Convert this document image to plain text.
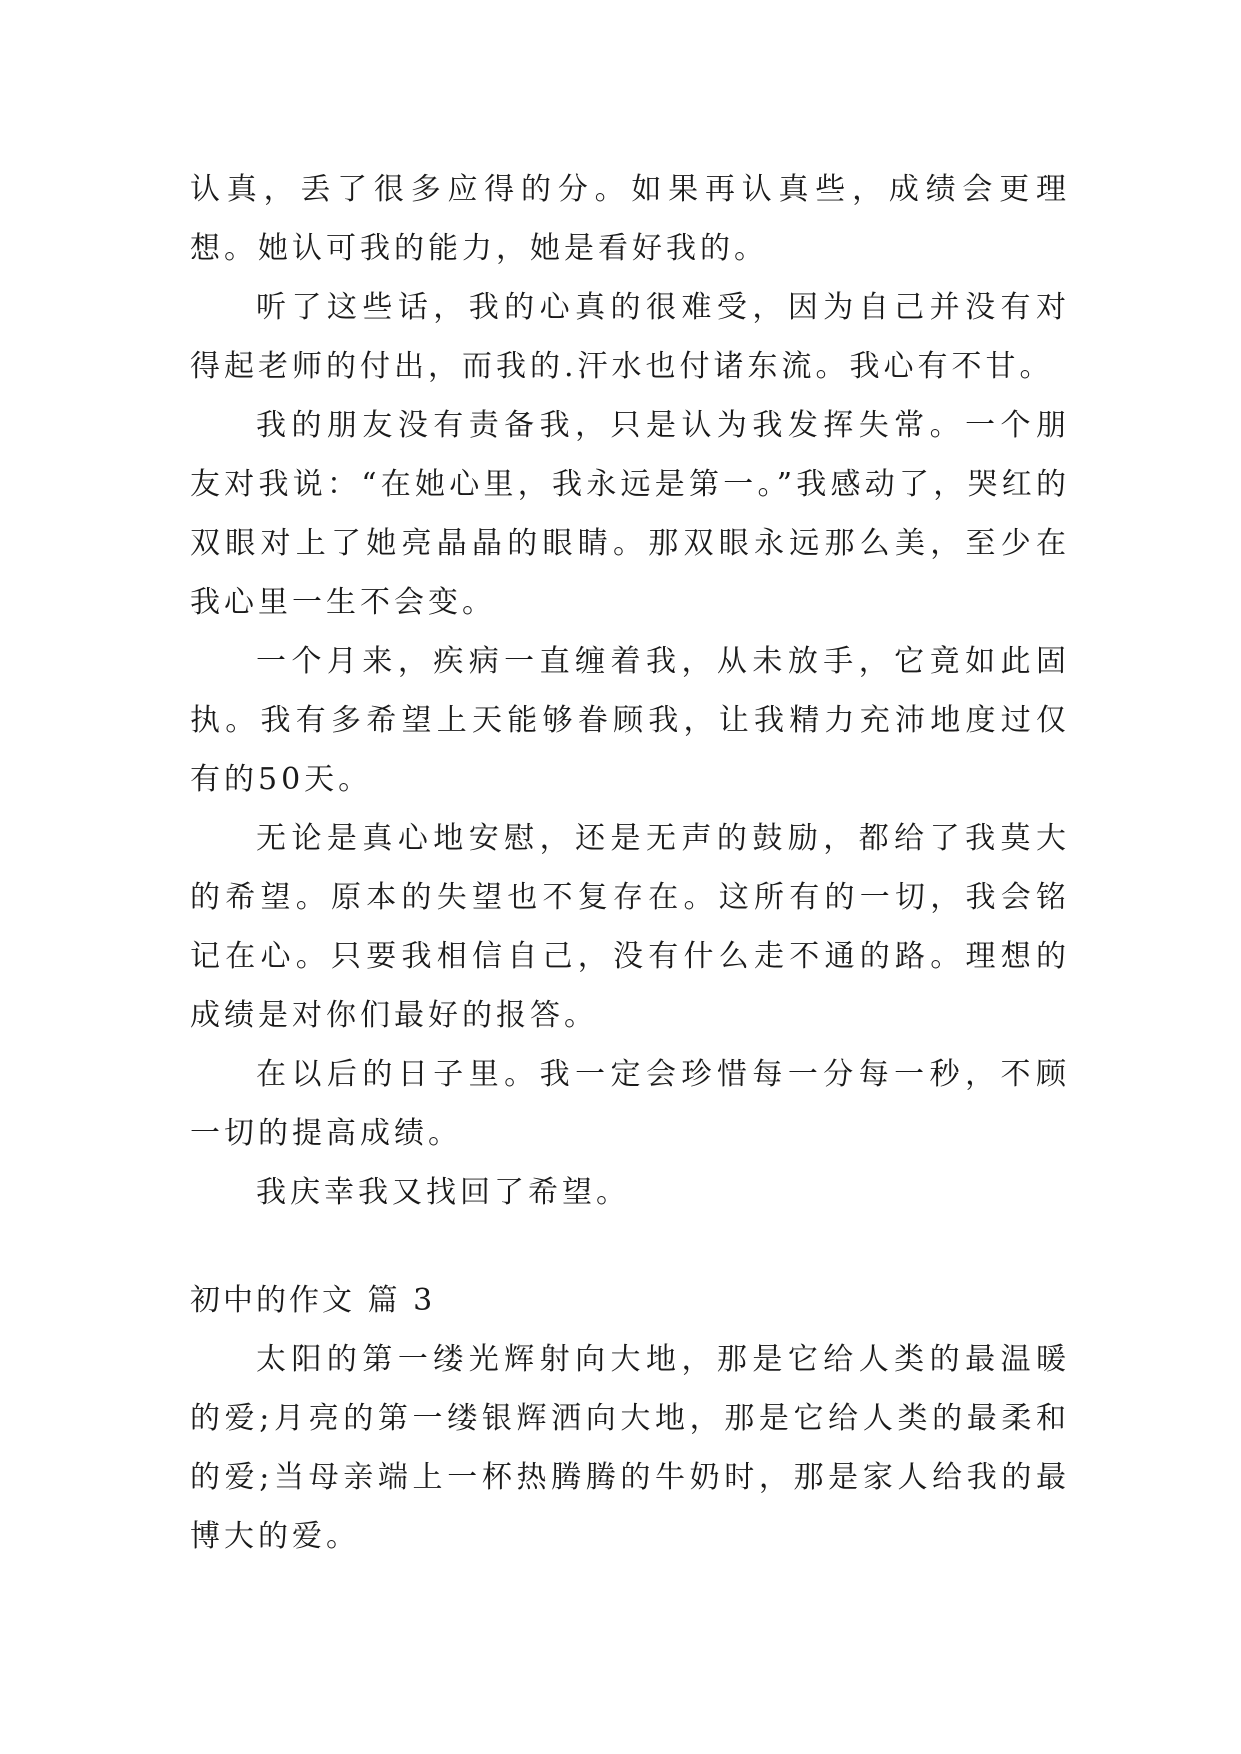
认真，丢了很多应得的分。如果再认真些，成绩会更理想。她认可我的能力，她是看好我的。

听了这些话，我的心真的很难受，因为自己并没有对得起老师的付出，而我的.汗水也付诸东流。我心有不甘。

我的朋友没有责备我，只是认为我发挥失常。一个朋友对我说：“在她心里，我永远是第一。”我感动了，哭红的双眼对上了她亮晶晶的眼睛。那双眼永远那么美，至少在我心里一生不会变。

一个月来，疾病一直缠着我，从未放手，它竟如此固执。我有多希望上天能够眷顾我，让我精力充沛地度过仅有的50天。

无论是真心地安慰，还是无声的鼓励，都给了我莫大的希望。原本的失望也不复存在。这所有的一切，我会铭记在心。只要我相信自己，没有什么走不通的路。理想的成绩是对你们最好的报答。

在以后的日子里。我一定会珍惜每一分每一秒，不顾一切的提高成绩。

我庆幸我又找回了希望。

初中的作文 篇 3

太阳的第一缕光辉射向大地，那是它给人类的最温暖的爱;月亮的第一缕银辉洒向大地，那是它给人类的最柔和的爱;当母亲端上一杯热腾腾的牛奶时，那是家人给我的最博大的爱。
